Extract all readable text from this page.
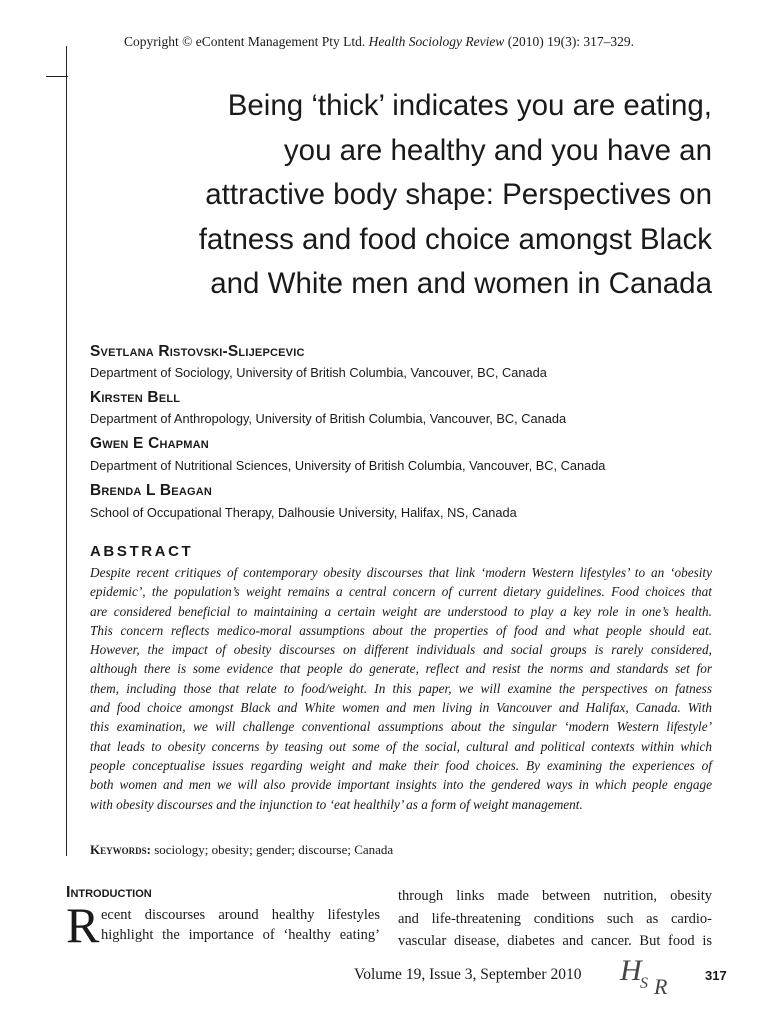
Copyright © eContent Management Pty Ltd. Health Sociology Review (2010) 19(3): 317–329.
Being ‘thick’ indicates you are eating,
you are healthy and you have an
attractive body shape: Perspectives on
fatness and food choice amongst Black
and White men and women in Canada
Svetlana Ristovski-Slijepcevic
Department of Sociology, University of British Columbia, Vancouver, BC, Canada
Kirsten Bell
Department of Anthropology, University of British Columbia, Vancouver, BC, Canada
Gwen E Chapman
Department of Nutritional Sciences, University of British Columbia, Vancouver, BC, Canada
Brenda L Beagan
School of Occupational Therapy, Dalhousie University, Halifax, NS, Canada
ABSTRACT
Despite recent critiques of contemporary obesity discourses that link ‘modern Western lifestyles’ to an ‘obesity
epidemic’, the population’s weight remains a central concern of current dietary guidelines. Food choices that
are considered beneficial to maintaining a certain weight are understood to play a key role in one’s health.
This concern reflects medico-moral assumptions about the properties of food and what people should eat.
However, the impact of obesity discourses on different individuals and social groups is rarely considered,
although there is some evidence that people do generate, reflect and resist the norms and standards set for
them, including those that relate to food/weight. In this paper, we will examine the perspectives on fatness
and food choice amongst Black and White women and men living in Vancouver and Halifax, Canada. With
this examination, we will challenge conventional assumptions about the singular ‘modern Western lifestyle’
that leads to obesity concerns by teasing out some of the social, cultural and political contexts within which
people conceptualise issues regarding weight and make their food choices. By examining the experiences of
both women and men we will also provide important insights into the gendered ways in which people engage
with obesity discourses and the injunction to ‘eat healthily’ as a form of weight management.
Keywords: sociology; obesity; gender; discourse; Canada
Introduction
R ecent discourses around healthy lifestyles
highlight the importance of ‘healthy eating’
through links made between nutrition, obesity
and life-threatening conditions such as cardio-
vascular disease, diabetes and cancer. But food is
Volume 19, Issue 3, September 2010 H
S R	317
